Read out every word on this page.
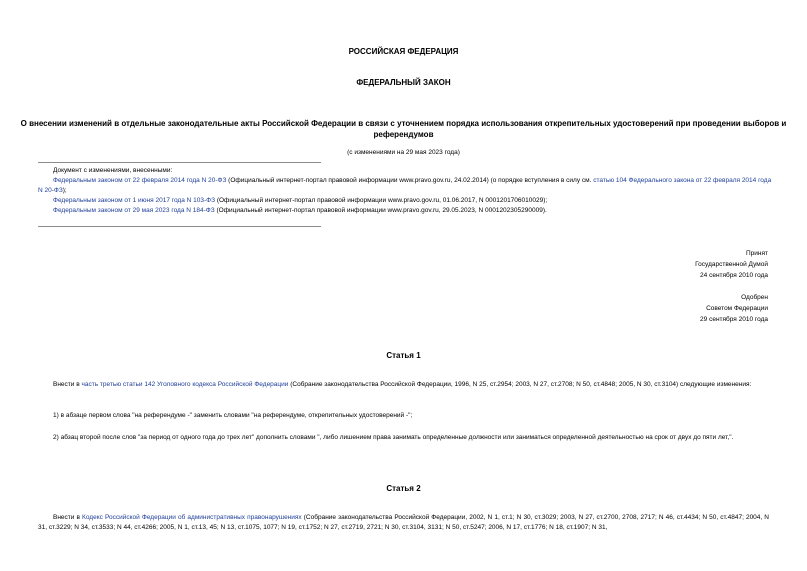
РОССИЙСКАЯ ФЕДЕРАЦИЯ
ФЕДЕРАЛЬНЫЙ ЗАКОН
О внесении изменений в отдельные законодательные акты Российской Федерации в связи с уточнением порядка использования открепительных удостоверений при проведении выборов и референдумов
(с изменениями на 29 мая 2023 года)
Документ с изменениями, внесенными:
Федеральным законом от 22 февраля 2014 года N 20-ФЗ (Официальный интернет-портал правовой информации www.pravo.gov.ru, 24.02.2014) (о порядке вступления в силу см. статью 104 Федерального закона от 22 февраля 2014 года N 20-ФЗ);
Федеральным законом от 1 июня 2017 года N 103-ФЗ (Официальный интернет-портал правовой информации www.pravo.gov.ru, 01.06.2017, N 0001201706010029);
Федеральным законом от 29 мая 2023 года N 184-ФЗ (Официальный интернет-портал правовой информации www.pravo.gov.ru, 29.05.2023, N 0001202305290009).
Принят
Государственной Думой
24 сентября 2010 года
Одобрен
Советом Федерации
29 сентября 2010 года
Статья 1
Внести в часть третью статьи 142 Уголовного кодекса Российской Федерации (Собрание законодательства Российской Федерации, 1996, N 25, ст.2954; 2003, N 27, ст.2708; N 50, ст.4848; 2005, N 30, ст.3104) следующие изменения:
1) в абзаце первом слова "на референдуме -" заменить словами "на референдуме, открепительных удостоверений -";
2) абзац второй после слов "за период от одного года до трех лет" дополнить словами ", либо лишением права занимать определенные должности или заниматься определенной деятельностью на срок от двух до пяти лет,".
Статья 2
Внести в Кодекс Российской Федерации об административных правонарушениях (Собрание законодательства Российской Федерации, 2002, N 1, ст.1; N 30, ст.3029; 2003, N 27, ст.2700, 2708, 2717; N 46, ст.4434; N 50, ст.4847; 2004, N 31, ст.3229; N 34, ст.3533; N 44, ст.4266; 2005, N 1, ст.13, 45; N 13, ст.1075, 1077; N 19, ст.1752; N 27, ст.2719, 2721; N 30, ст.3104, 3131; N 50, ст.5247; 2006, N 17, ст.1776; N 18, ст.1907; N 31,
